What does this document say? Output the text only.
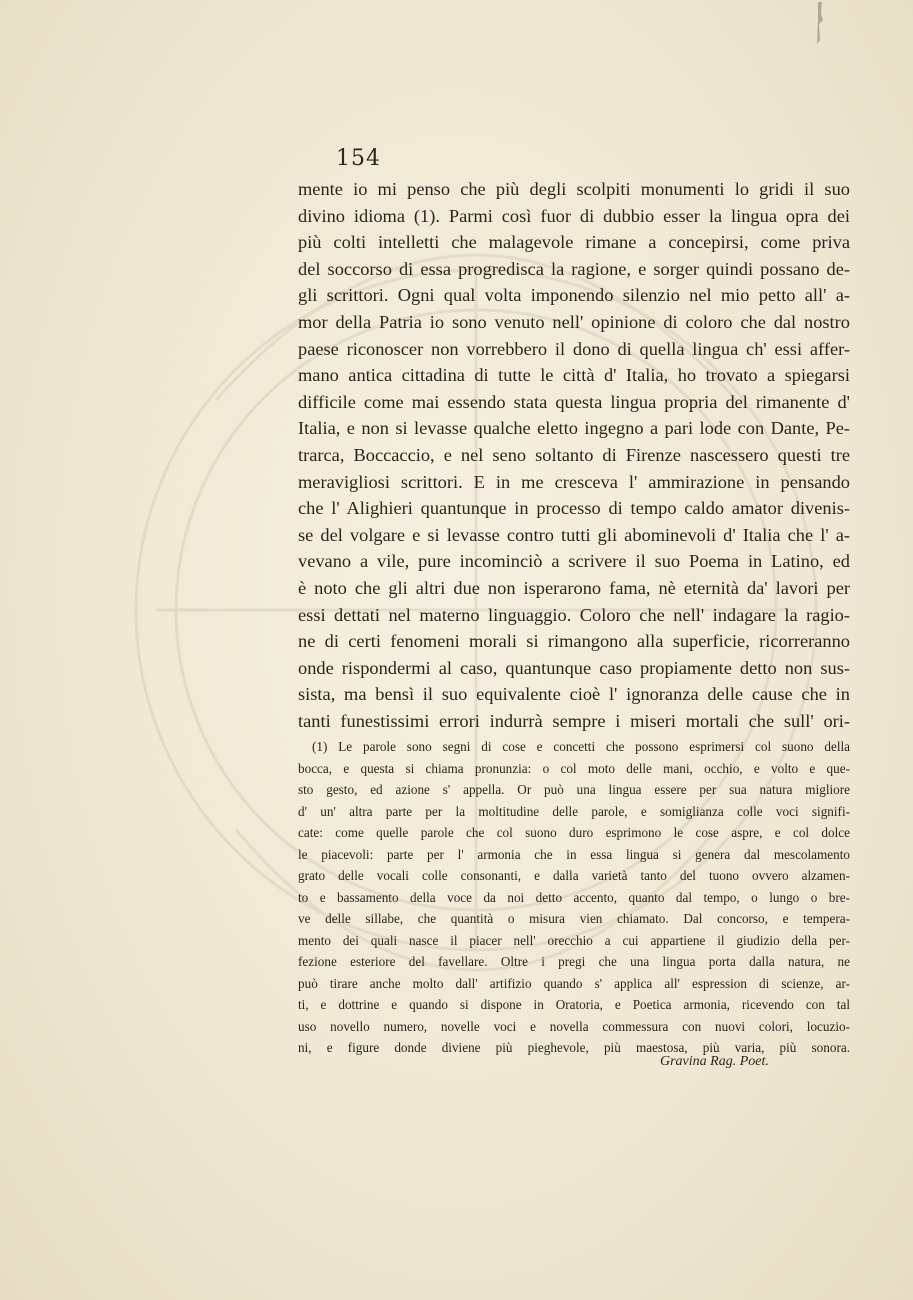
154
mente io mi penso che più degli scolpiti monumenti lo gridi il suo
divino idioma (1). Parmi così fuor di dubbio esser la lingua opra dei
più colti intelletti che malagevole rimane a concepirsi, come priva
del soccorso di essa progredisca la ragione, e sorger quindi possano de-
gli scrittori. Ogni qual volta imponendo silenzio nel mio petto all' a-
mor della Patria io sono venuto nell' opinione di coloro che dal nostro
paese riconoscer non vorrebbero il dono di quella lingua ch' essi affer-
mano antica cittadina di tutte le città d' Italia, ho trovato a spiegarsi
difficile come mai essendo stata questa lingua propria del rimanente d'
Italia, e non si levasse qualche eletto ingegno a pari lode con Dante, Pe-
trarca, Boccaccio, e nel seno soltanto di Firenze nascessero questi tre
meravigliosi scrittori. E in me cresceva l' ammirazione in pensando
che l' Alighieri quantunque in processo di tempo caldo amator divenis-
se del volgare e si levasse contro tutti gli abominevoli d' Italia che l' a-
vevano a vile, pure incominciò a scrivere il suo Poema in Latino, ed
è noto che gli altri due non isperarono fama, nè eternità da' lavori per
essi dettati nel materno linguaggio. Coloro che nell' indagare la ragio-
ne di certi fenomeni morali si rimangono alla superficie, ricorreranno
onde rispondermi al caso, quantunque caso propiamente detto non sus-
sista, ma bensì il suo equivalente cioè l' ignoranza delle cause che in
tanti funestissimi errori indurrà sempre i miseri mortali che sull' ori-
(1) Le parole sono segni di cose e concetti che possono esprimersi col suono della
bocca, e questa si chiama pronunzia: o col moto delle mani, occhio, e volto e que-
sto gesto, ed azione s' appella. Or può una lingua essere per sua natura migliore
d' un' altra parte per la moltitudine delle parole, e somiglianza colle voci signifi-
cate: come quelle parole che col suono duro esprimono le cose aspre, e col dolce
le piacevoli: parte per l' armonia che in essa lingua si genera dal mescolamento
grato delle vocali colle consonanti, e dalla varietà tanto del tuono ovvero alzamen-
to e bassamento della voce da noi detto accento, quanto dal tempo, o lungo o bre-
ve delle sillabe, che quantità o misura vien chiamato. Dal concorso, e tempera-
mento dei quali nasce il piacer nell' orecchio a cui appartiene il giudizio della per-
fezione esteriore del favellare. Oltre i pregi che una lingua porta dalla natura, ne
può tirare anche molto dall' artifizio quando s' applica all' espression di scienze, ar-
ti, e dottrine e quando si dispone in Oratoria, e Poetica armonia, ricevendo con tal
uso novello numero, novelle voci e novella commessura con nuovi colori, locuzio-
ni, e figure donde diviene più pieghevole, più maestosa, più varia, più sonora.
Gravina Rag. Poet.
